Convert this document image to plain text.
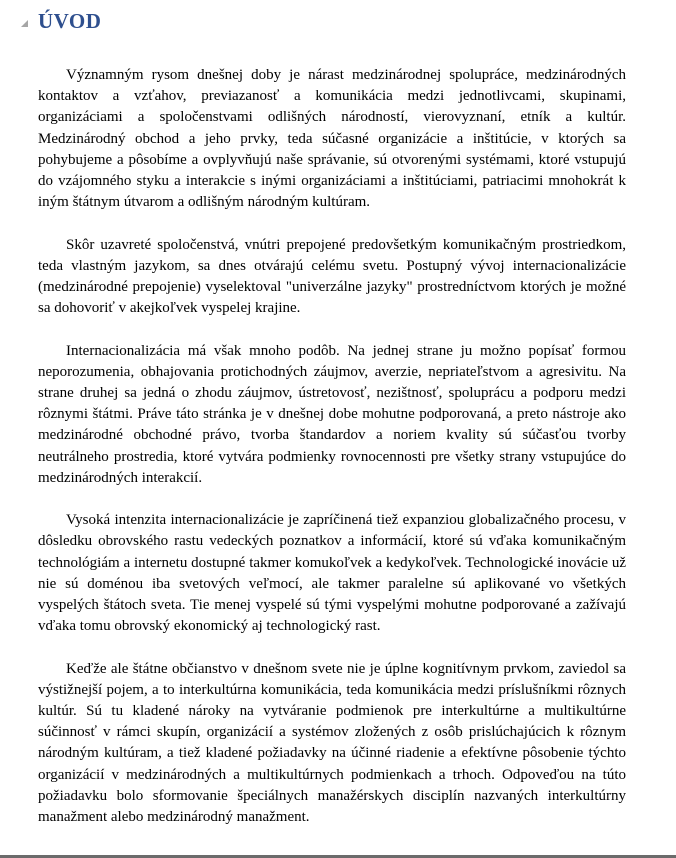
ÚVOD

Významným rysom dnešnej doby je nárast medzinárodnej spolupráce, medzinárodných kontaktov a vzťahov, previazanosť a komunikácia medzi jednotlivcami, skupinami, organizáciami a spoločenstvami odlišných národností, vierovyznaní, etník a kultúr. Medzinárodný obchod a jeho prvky, teda súčasné organizácie a inštitúcie, v ktorých sa pohybujeme a pôsobíme a ovplyvňujú naše správanie, sú otvorenými systémami, ktoré vstupujú do vzájomného styku a interakcie s inými organizáciami a inštitúciami, patriacimi mnohokrát k iným štátnym útvarom a odlišným národným kultúram.

Skôr uzavreté spoločenstvá, vnútri prepojené predovšetkým komunikačným prostriedkom, teda vlastným jazykom, sa dnes otvárajú celému svetu. Postupný vývoj internacionalizácie (medzinárodné prepojenie) vyselektoval "univerzálne jazyky" prostredníctvom ktorých je možné sa dohovoriť v akejkoľvek vyspelej krajine.

Internacionalizácia má však mnoho podôb. Na jednej strane ju možno popísať formou neporozumenia, obhajovania protichodných záujmov, averzie, nepriateľstvom a agresivitu. Na strane druhej sa jedná o zhodu záujmov, ústretovosť, nezištnosť, spoluprácu a podporu medzi rôznymi štátmi. Práve táto stránka je v dnešnej dobe mohutne podporovaná, a preto nástroje ako medzinárodné obchodné právo, tvorba štandardov a noriem kvality sú súčasťou tvorby neutrálneho prostredia, ktoré vytvára podmienky rovnocennosti pre všetky strany vstupujúce do medzinárodných interakcií.

Vysoká intenzita internacionalizácie je zapríčinená tiež expanziou globalizačného procesu, v dôsledku obrovského rastu vedeckých poznatkov a informácií, ktoré sú vďaka komunikačným technológiám a internetu dostupné takmer komukoľvek a kedykoľvek. Technologické inovácie už nie sú doménou iba svetových veľmocí, ale takmer paralelne sú aplikované vo všetkých vyspelých štátoch sveta. Tie menej vyspelé sú tými vyspelými mohutne podporované a zažívajú vďaka tomu obrovský ekonomický aj technologický rast.

Keďže ale štátne občianstvo v dnešnom svete nie je úplne kognitívnym prvkom, zaviedol sa výstižnejší pojem, a to interkultúrna komunikácia, teda komunikácia medzi príslušníkmi rôznych kultúr. Sú tu kladené nároky na vytváranie podmienok pre interkultúrne a multikultúrne súčinnosť v rámci skupín, organizácií a systémov zložených z osôb prislúchajúcich k rôznym národným kultúram, a tiež kladené požiadavky na účinné riadenie a efektívne pôsobenie týchto organizácií v medzinárodných a multikultúrnych podmienkach a trhoch. Odpoveďou na túto požiadavku bolo sformovanie špeciálnych manažérskych disciplín nazvaných interkultúrny manažment alebo medzinárodný manažment.
